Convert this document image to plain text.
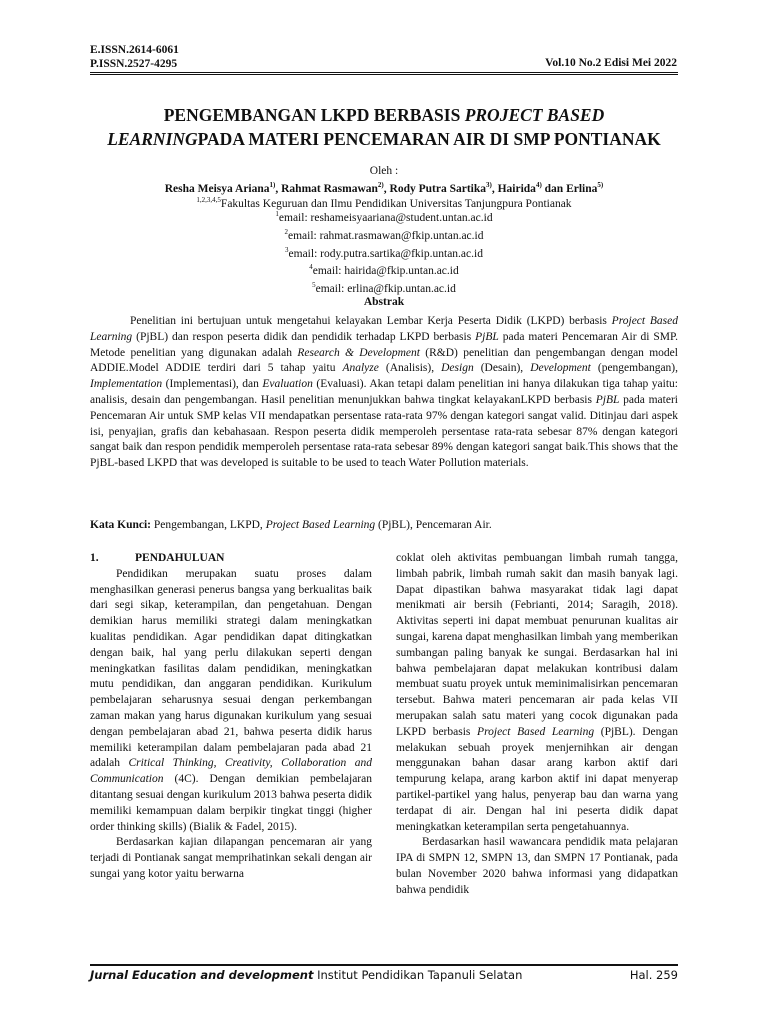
E.ISSN.2614-6061
P.ISSN.2527-4295	Vol.10 No.2 Edisi Mei 2022
PENGEMBANGAN LKPD BERBASIS PROJECT BASED
LEARNINGPADA MATERI PENCEMARAN AIR DI SMP PONTIANAK
Oleh :
Resha Meisya Ariana$^{1)}$, Rahmat Rasmawan$^{2)}$, Rody Putra Sartika$^{3)}$, Hairida$^{4)}$ dan Erlina$^{5)}$
$^{1,2,3,4,5}$Fakultas Keguruan dan Ilmu Pendidikan Universitas Tanjungpura Pontianak
$^1$email: reshameisyaariana@student.untan.ac.id
$^2$email: rahmat.rasmawan@fkip.untan.ac.id
$^3$email: rody.putra.sartika@fkip.untan.ac.id
$^4$email: hairida@fkip.untan.ac.id
$^5$email: erlina@fkip.untan.ac.id
Abstrak
Penelitian ini bertujuan untuk mengetahui kelayakan Lembar Kerja Peserta Didik (LKPD) berbasis Project Based Learning (PjBL) dan respon peserta didik dan pendidik terhadap LKPD berbasis PjBL pada materi Pencemaran Air di SMP. Metode penelitian yang digunakan adalah Research & Development (R&D) penelitian dan pengembangan dengan model ADDIE.Model ADDIE terdiri dari 5 tahap yaitu Analyze (Analisis), Design (Desain), Development (pengembangan), Implementation (Implementasi), dan Evaluation (Evaluasi). Akan tetapi dalam penelitian ini hanya dilakukan tiga tahap yaitu: analisis, desain dan pengembangan. Hasil penelitian menunjukkan bahwa tingkat kelayakanLKPD berbasis PjBL pada materi Pencemaran Air untuk SMP kelas VII mendapatkan persentase rata-rata 97% dengan kategori sangat valid. Ditinjau dari aspek isi, penyajian, grafis dan kebahasaan. Respon peserta didik memperoleh persentase rata-rata sebesar 87% dengan kategori sangat baik dan respon pendidik memperoleh persentase rata-rata sebesar 89% dengan kategori sangat baik.This shows that the PjBL-based LKPD that was developed is suitable to be used to teach Water Pollution materials.
Kata Kunci: Pengembangan, LKPD, Project Based Learning (PjBL), Pencemaran Air.
1.	PENDAHULUAN

Pendidikan merupakan suatu proses dalam menghasilkan generasi penerus bangsa yang berkualitas baik dari segi sikap, keterampilan, dan pengetahuan. Dengan demikian harus memiliki strategi dalam meningkatkan kualitas pendidikan. Agar pendidikan dapat ditingkatkan dengan baik, hal yang perlu dilakukan seperti dengan meningkatkan fasilitas dalam pendidikan, meningkatkan mutu pendidikan, dan anggaran pendidikan. Kurikulum pembelajaran seharusnya sesuai dengan perkembangan zaman makan yang harus digunakan kurikulum yang sesuai dengan pembelajaran abad 21, bahwa peserta didik harus memiliki keterampilan dalam pembelajaran pada abad 21 adalah Critical Thinking, Creativity, Collaboration and Communication (4C). Dengan demikian pembelajaran ditantang sesuai dengan kurikulum 2013 bahwa peserta didik memiliki kemampuan dalam berpikir tingkat tinggi (higher order thinking skills) (Bialik & Fadel, 2015).

Berdasarkan kajian dilapangan pencemaran air yang terjadi di Pontianak sangat memprihatinkan sekali dengan air sungai yang kotor yaitu berwarna

coklat oleh aktivitas pembuangan limbah rumah tangga, limbah pabrik, limbah rumah sakit dan masih banyak lagi. Dapat dipastikan bahwa masyarakat tidak lagi dapat menikmati air bersih (Febrianti, 2014; Saragih, 2018). Aktivitas seperti ini dapat membuat penurunan kualitas air sungai, karena dapat menghasilkan limbah yang memberikan sumbangan paling banyak ke sungai. Berdasarkan hal ini bahwa pembelajaran dapat melakukan kontribusi dalam membuat suatu proyek untuk meminimalisirkan pencemaran tersebut. Bahwa materi pencemaran air pada kelas VII merupakan salah satu materi yang cocok digunakan pada LKPD berbasis Project Based Learning (PjBL). Dengan melakukan sebuah proyek menjernihkan air dengan menggunakan bahan dasar arang karbon aktif dari tempurung kelapa, arang karbon aktif ini dapat menyerap partikel-partikel yang halus, penyerap bau dan warna yang terdapat di air. Dengan hal ini peserta didik dapat meningkatkan keterampilan serta pengetahuannya.

Berdasarkan hasil wawancara pendidik mata pelajaran IPA di SMPN 12, SMPN 13, dan SMPN 17 Pontianak, pada bulan November 2020 bahwa informasi yang didapatkan bahwa pendidik

Jurnal Education and development Institut Pendidikan Tapanuli Selatan	Hal. 259
